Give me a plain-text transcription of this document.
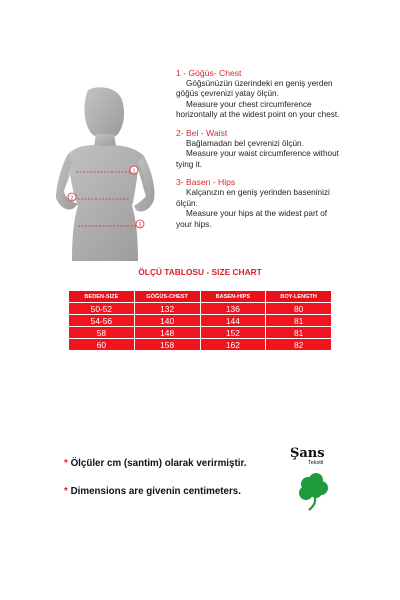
1
2
3
1 - Göğüs- Chest
Göğsünüzün üzerindeki en geniş yerden
göğüs çevrenizi yatay ölçün.
Measure your chest circumference
horizontally at the widest point on your chest.
2- Bel - Waist
Bağlamadan bel çevrenizi ölçün.
Measure your waist circumference without
tying it.
3- Basen - Hips
Kalçanızın en geniş yerinden baseninizi
ölçün.
Measure your hips at the widest part of
your hips.
ÖLÇÜ TABLOSU - SIZE CHART
BEDEN-SIZE	GÖĞÜS-CHEST	BASEN-HIPS	BOY-LENGTH
50-52	132	136	80
54-56	140	144	81
58	148	152	81
60	158	162	82
* Ölçüler cm (santim) olarak verirmiştir.
* Dimensions are givenin centimeters.
Şans
Tekstil
